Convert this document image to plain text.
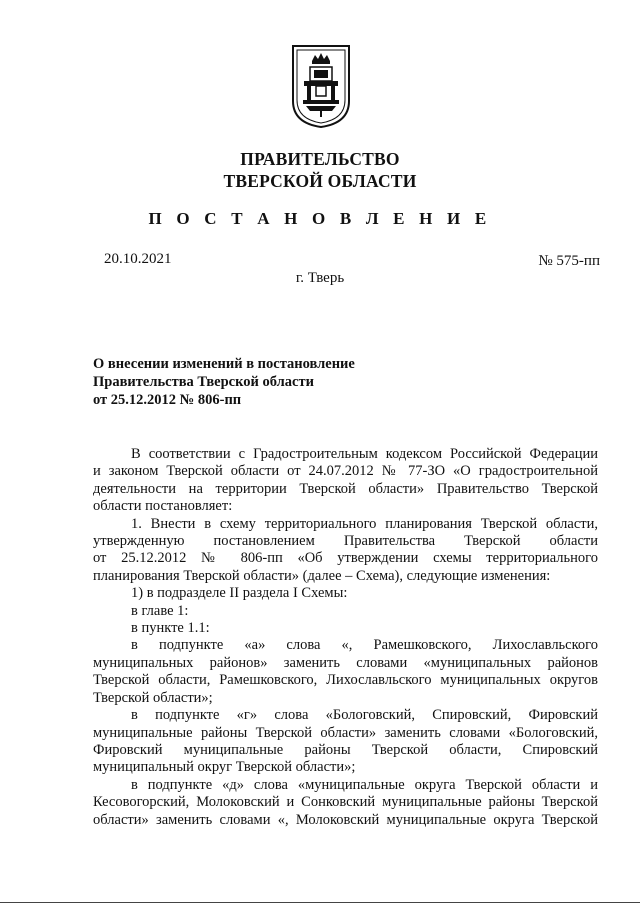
ПРАВИТЕЛЬСТВО
ТВЕРСКОЙ ОБЛАСТИ
П О С Т А Н О В Л Е Н И Е
20.10.2021	№ 575-пп
г. Тверь
О внесении изменений в постановление
Правительства Тверской области
от 25.12.2012 № 806-пп
В соответствии с Градостроительным кодексом Российской Федерации
и законом Тверской области от 24.07.2012 № 77-ЗО «О градостроительной
деятельности на территории Тверской области» Правительство Тверской
области постановляет:
1. Внести в схему территориального планирования Тверской области,
утвержденную постановлением Правительства Тверской области
от 25.12.2012 № 806-пп «Об утверждении схемы территориального
планирования Тверской области» (далее – Схема), следующие изменения:
1) в подразделе II раздела I Схемы:
в главе 1:
в пункте 1.1:
в подпункте «а» слова «, Рамешковского, Лихославльского
муниципальных районов» заменить словами «муниципальных районов
Тверской области, Рамешковского, Лихославльского муниципальных округов
Тверской области»;
в подпункте «г» слова «Бологовский, Спировский, Фировский
муниципальные районы Тверской области» заменить словами «Бологовский,
Фировский муниципальные районы Тверской области, Спировский
муниципальный округ Тверской области»;
в подпункте «д» слова «муниципальные округа Тверской области и
Кесовогорский, Молоковский и Сонковский муниципальные районы Тверской
области» заменить словами «, Молоковский муниципальные округа Тверской
